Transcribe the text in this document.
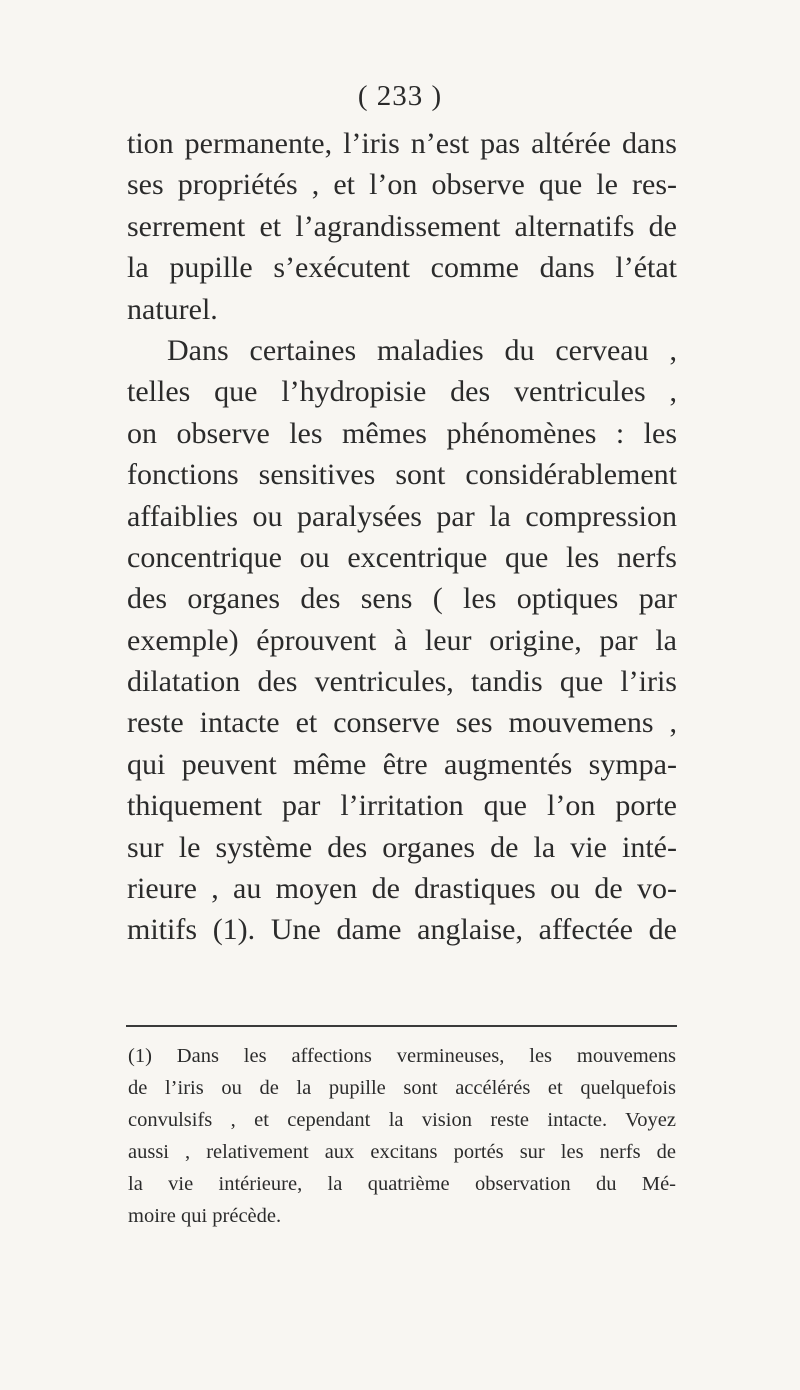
( 233 )
tion permanente, l’iris n’est pas altérée dans
ses propriétés , et l’on observe que le res-
serrement et l’agrandissement alternatifs de
la pupille s’exécutent comme dans l’état
naturel.
Dans certaines maladies du cerveau ,
telles que l’hydropisie des ventricules ,
on observe les mêmes phénomènes : les
fonctions sensitives sont considérablement
affaiblies ou paralysées par la compression
concentrique ou excentrique que les nerfs
des organes des sens ( les optiques par
exemple) éprouvent à leur origine, par la
dilatation des ventricules, tandis que l’iris
reste intacte et conserve ses mouvemens ,
qui peuvent même être augmentés sympa-
thiquement par l’irritation que l’on porte
sur le système des organes de la vie inté-
rieure , au moyen de drastiques ou de vo-
mitifs (1). Une dame anglaise, affectée de
(1) Dans les affections vermineuses, les mouvemens
de l’iris ou de la pupille sont accélérés et quelquefois
convulsifs , et cependant la vision reste intacte. Voyez
aussi , relativement aux excitans portés sur les nerfs de
la vie intérieure, la quatrième observation du Mé-
moire qui précède.
